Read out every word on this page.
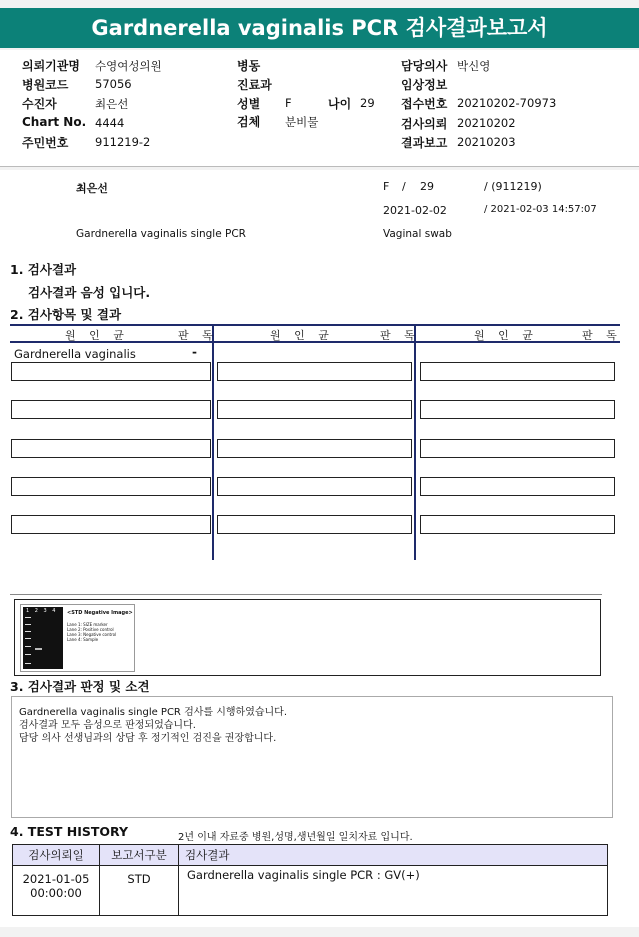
Gardnerella vaginalis PCR 검사결과보고서
의뢰기관명 수영여성의원	병동	담당의사 박신영
병원코드 57056	진료과	임상정보
수진자	최은선	성별 F	나이 29 접수번호 20210202-70973
Chart No. 4444	검체 분비물	검사의뢰 20210202
주민번호 911219-2	결과보고 20210203
최은선	F / 29	/ (911219)
2021-02-02	/ 2021-02-03 14:57:07
Gardnerella vaginalis single PCR	Vaginal swab
1. 검사결과
검사결과 음성 입니다.
2. 검사항목 및 결과
원 인 균	판 독	원 인 균	판 독	원 인 균	판 독
Gardnerella vaginalis	-
1 2 3 4 <STD Negative Image>
Lane 1: SIZE marker
Lane 2: Positive control
Lane 3: Negative control
Lane 4: Sample
3. 검사결과 판정 및 소견
Gardnerella vaginalis single PCR 검사를 시행하였습니다.
검사결과 모두 음성으로 판정되었습니다.
담당 의사 선생님과의 상담 후 정기적인 검진을 권장합니다.
4. TEST HISTORY	2년 이내 자료중 병원,성명,생년월일 일치자료 입니다.
검사의뢰일	보고서구분	검사결과

2021-01-05
00:00:00	STD	Gardnerella vaginalis single PCR : GV(+)
